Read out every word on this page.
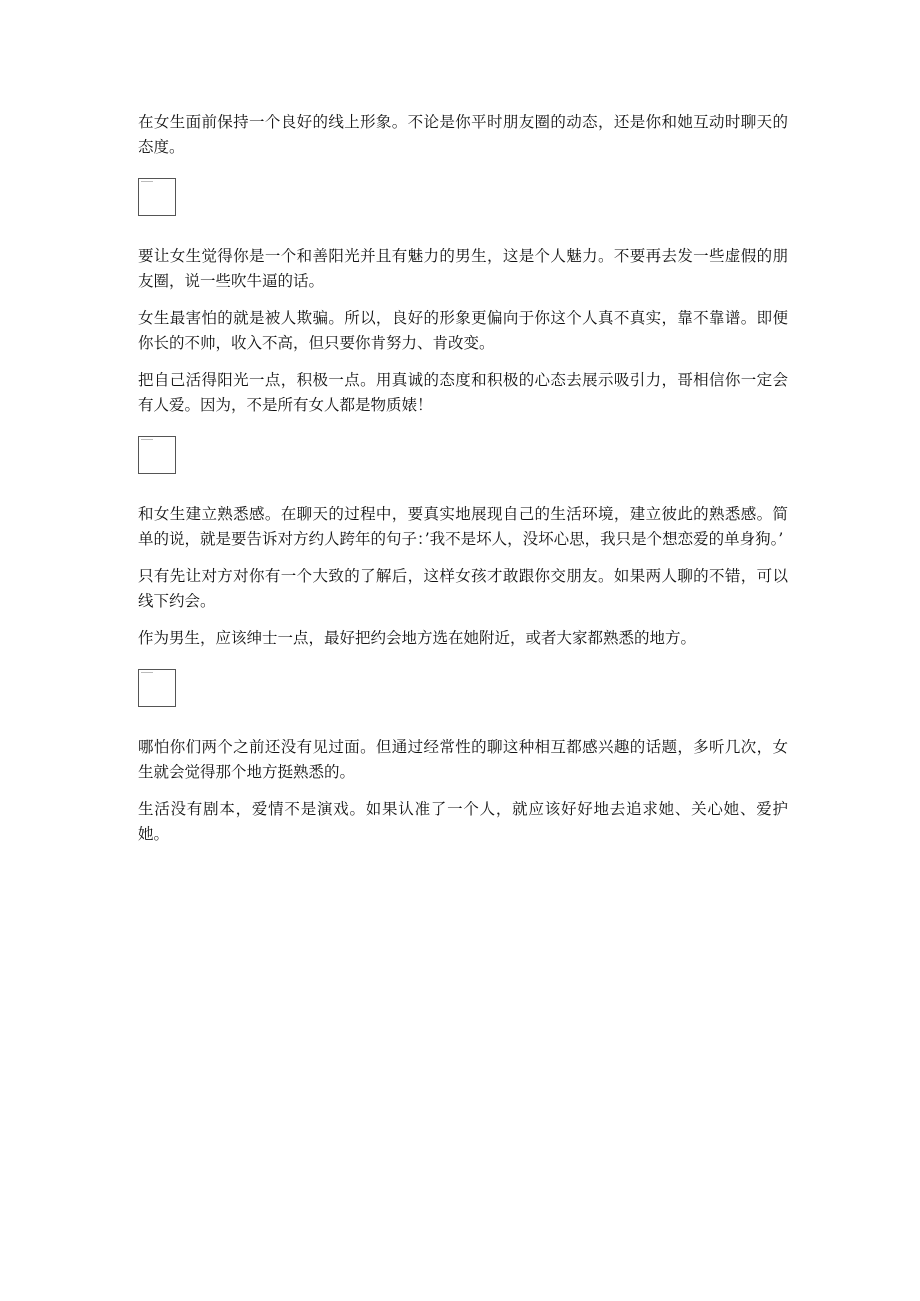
在女生面前保持一个良好的线上形象。不论是你平时朋友圈的动态，还是你和她互动时聊天的态度。

要让女生觉得你是一个和善阳光并且有魅力的男生，这是个人魅力。不要再去发一些虚假的朋友圈，说一些吹牛逼的话。

女生最害怕的就是被人欺骗。所以，良好的形象更偏向于你这个人真不真实，靠不靠谱。即便你长的不帅，收入不高，但只要你肯努力、肯改变。

把自己活得阳光一点，积极一点。用真诚的态度和积极的心态去展示吸引力，哥相信你一定会有人爱。因为，不是所有女人都是物质婊！

和女生建立熟悉感。在聊天的过程中，要真实地展现自己的生活环境，建立彼此的熟悉感。简单的说，就是要告诉对方约人跨年的句子：’我不是坏人，没坏心思，我只是个想恋爱的单身狗。’

只有先让对方对你有一个大致的了解后，这样女孩才敢跟你交朋友。如果两人聊的不错，可以线下约会。

作为男生，应该绅士一点，最好把约会地方选在她附近，或者大家都熟悉的地方。

哪怕你们两个之前还没有见过面。但通过经常性的聊这种相互都感兴趣的话题，多听几次，女生就会觉得那个地方挺熟悉的。

生活没有剧本，爱情不是演戏。如果认准了一个人，就应该好好地去追求她、关心她、爱护她。
